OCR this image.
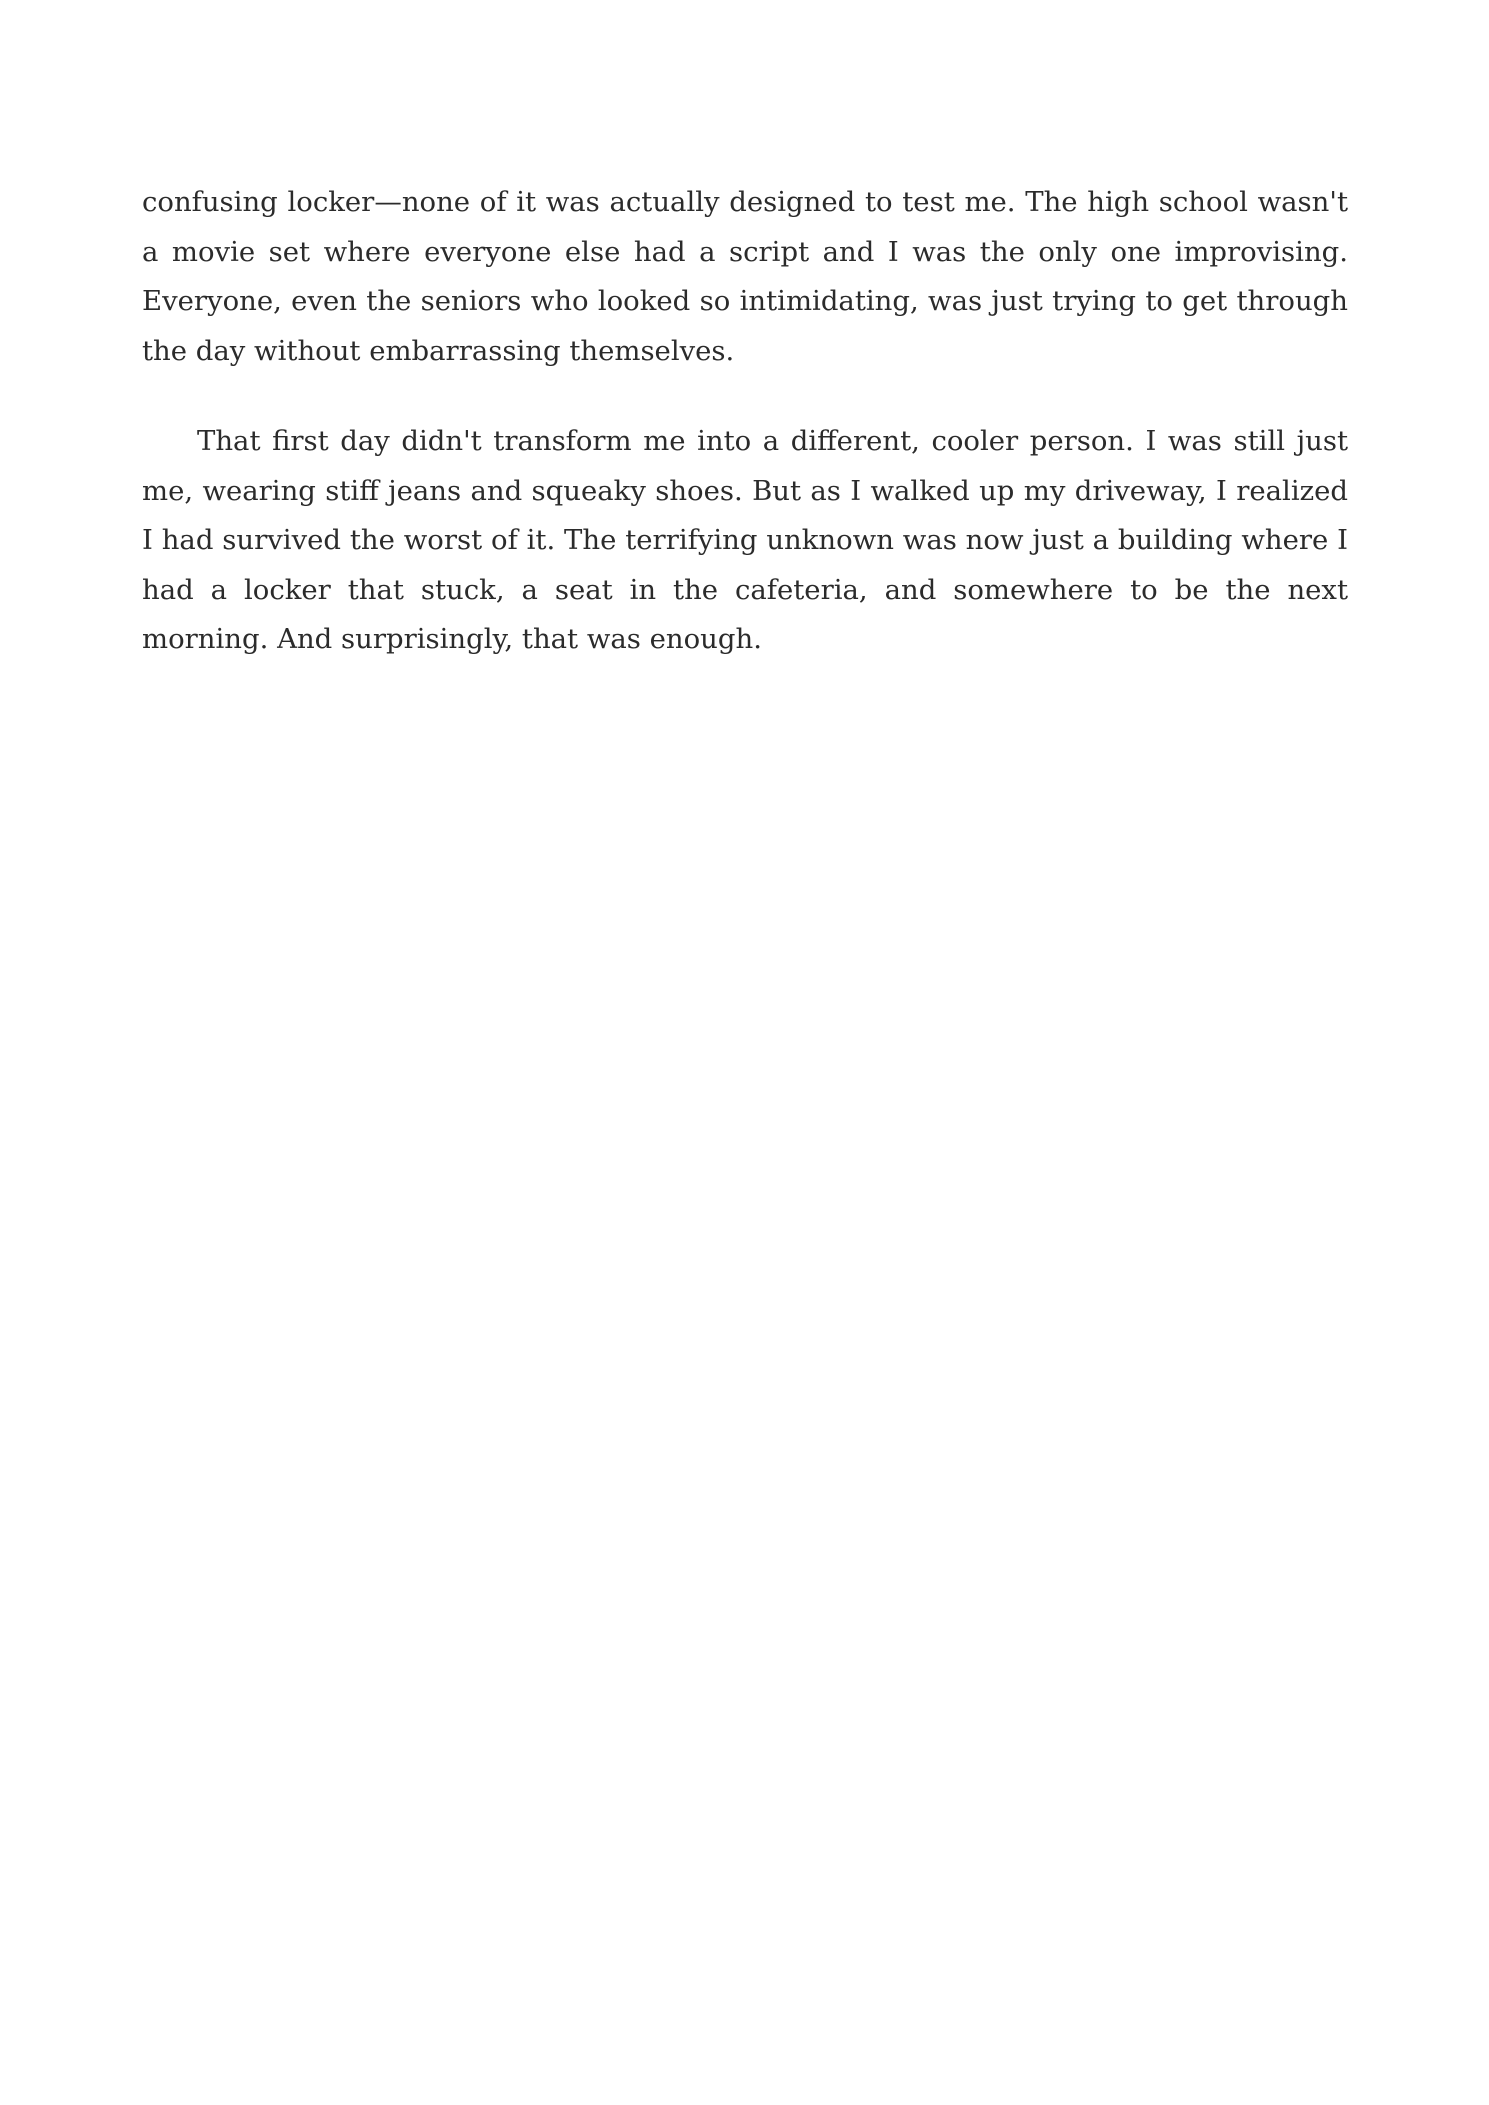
confusing locker—none of it was actually designed to test me. The high school wasn't a movie set where everyone else had a script and I was the only one improvising. Everyone, even the seniors who looked so intimidating, was just trying to get through the day without embarrassing themselves.

That first day didn't transform me into a different, cooler person. I was still just me, wearing stiff jeans and squeaky shoes. But as I walked up my driveway, I realized I had survived the worst of it. The terrifying unknown was now just a building where I had a locker that stuck, a seat in the cafeteria, and somewhere to be the next morning. And surprisingly, that was enough.
